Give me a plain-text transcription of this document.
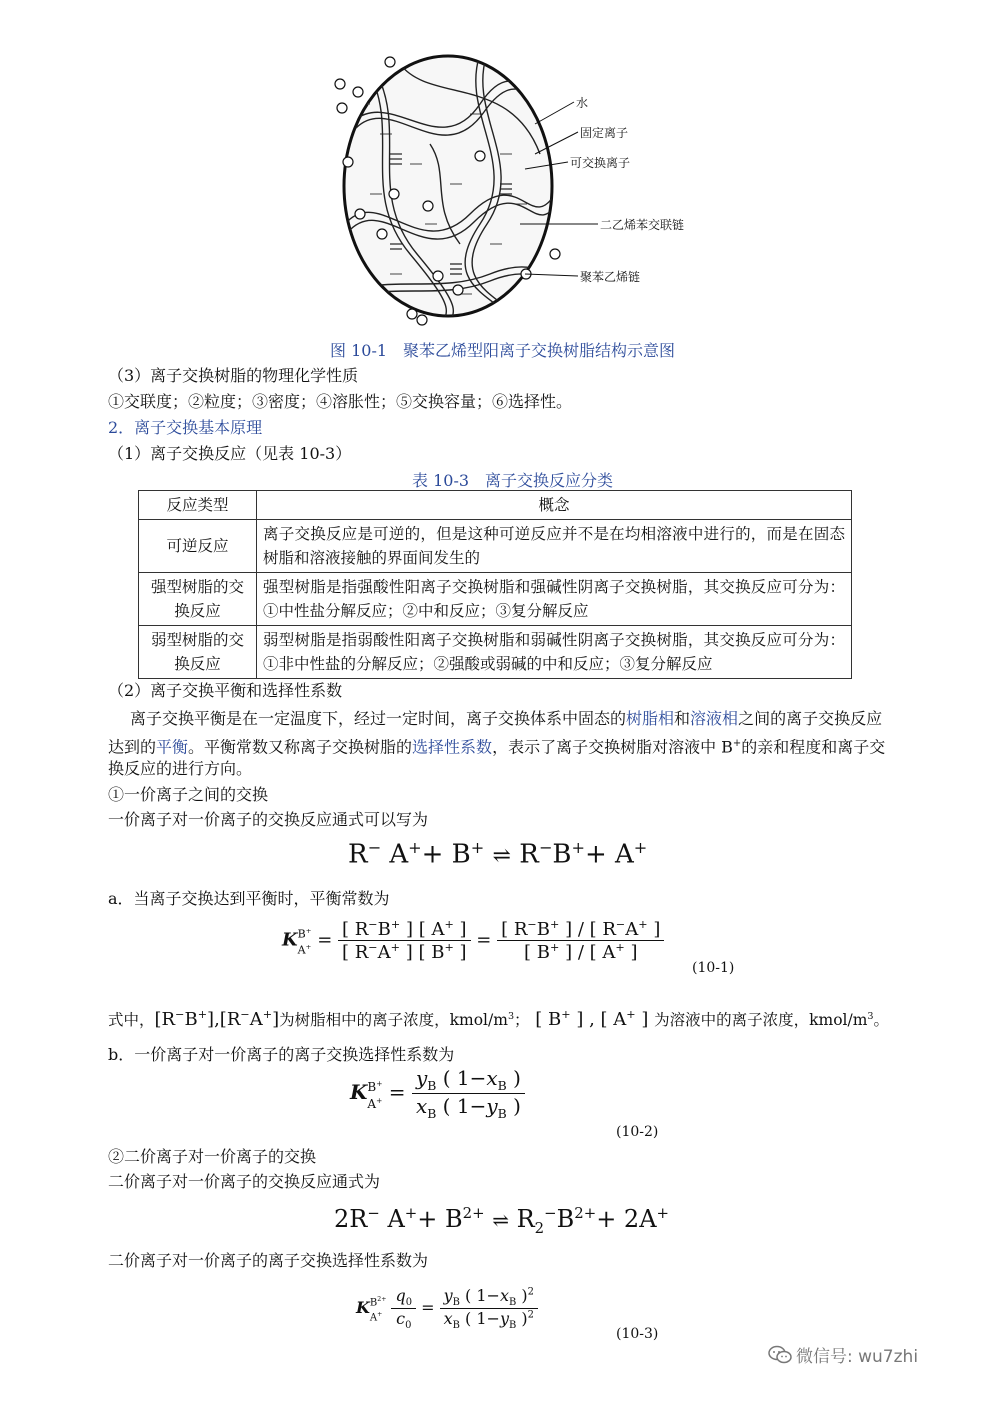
水
固定离子
可交换离子
二乙烯苯交联链
聚苯乙烯链
图 10-1　聚苯乙烯型阳离子交换树脂结构示意图
（3）离子交换树脂的物理化学性质
①交联度；②粒度；③密度；④溶胀性；⑤交换容量；⑥选择性。
2．离子交换基本原理
（1）离子交换反应（见表 10-3）
表 10-3　离子交换反应分类
反应类型	概念
可逆反应	离子交换反应是可逆的，但是这种可逆反应并不是在均相溶液中进行的，而是在固态树脂和溶液接触的界面间发生的
强型树脂的交换反应	强型树脂是指强酸性阳离子交换树脂和强碱性阴离子交换树脂，其交换反应可分为：①中性盐分解反应；②中和反应；③复分解反应
弱型树脂的交换反应	弱型树脂是指弱酸性阳离子交换树脂和弱碱性阴离子交换树脂，其交换反应可分为：①非中性盐的分解反应；②强酸或弱碱的中和反应；③复分解反应
（2）离子交换平衡和选择性系数
离子交换平衡是在一定温度下，经过一定时间，离子交换体系中固态的树脂相和溶液相之间的离子交换反应
达到的平衡。平衡常数又称离子交换树脂的选择性系数，表示了离子交换树脂对溶液中 B+的亲和程度和离子交
换反应的进行方向。
①一价离子之间的交换
一价离子对一价离子的交换反应通式可以写为
R− A++ B+ ⇌ R−B++ A+
a．当离子交换达到平衡时，平衡常数为
K B+
$A^+ = \frac{[ R^-B^+ ] [ A^+ ]}{[ R^-A^+ ] [ B^+ ]} = \frac{[ R^-B^+ ] / [ R^-A^+ ]}{[ B^+ ] / [ A^+ ]}$
(10-1)
式中，[R−B+],[R−A+]为树脂相中的离子浓度，kmol/$m^3$； [ B+ ] , [ A+ ] 为溶液中的离子浓度，kmol/$m^3$。
b．一价离子对一价离子的离子交换选择性系数为
K B+
$A^+ = \frac{y_B ( 1-x_B )}{x_B ( 1-y_B )}$
(10-2)
②二价离子对一价离子的交换
二价离子对一价离子的交换反应通式为
2R− $A^++ B^{2+}$ ⇌ $R_2^-B^{2+}+ 2A^+$
二价离子对一价离子的离子交换选择性系数为
K $B^{2+}$
A+
$\frac{q_0}{c_0} = \frac{y_B ( 1-x_B )^2}{x_B ( 1-y_B )^2}$
(10-3)
微信号: wu7zhi
